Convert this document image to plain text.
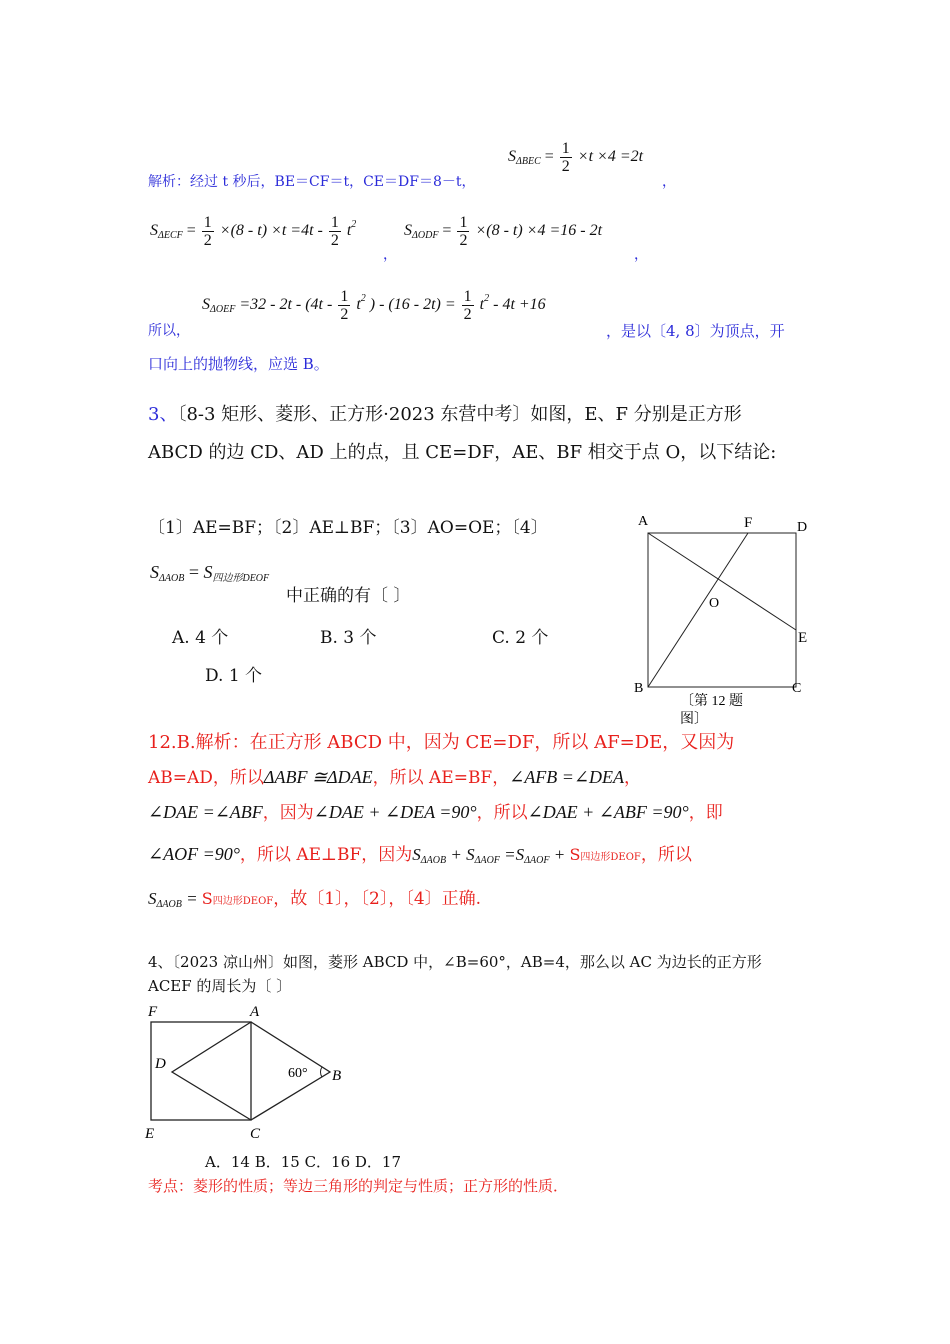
解析：经过 t 秒后，BE＝CF＝t，CE＝DF＝8－t，
$S_{\Delta BEC} = \frac{1}{2} \times t \times 4 =2t$
，
$S_{\Delta ECF} = \frac{1}{2} \times(8 - t) \times t =4t - \frac{1}{2} t^2$
，
$S_{\Delta ODF} = \frac{1}{2} \times(8 - t) \times 4 =16 - 2t$
，
所以，
$S_{\Delta OEF} =32 - 2t - (4t - \frac{1}{2} t^2$ ) - $(16 - 2t) = \frac{1}{2} t^2 - 4t +16$
，是以〔4, 8〕为顶点，开
口向上的抛物线，应选 B。
3、〔8-3 矩形、菱形、正方形·2023 东营中考〕如图，E、F 分别是正方形
ABCD 的边 CD、AD 上的点，且 CE=DF，AE、BF 相交于点 O，以下结论:
〔1〕AE=BF；〔2〕AE⊥BF；〔3〕AO=OE；〔4〕
$S_{\Delta AOB} = S_{四边形DEOF}$
中正确的有〔 〕
A. 4 个	B. 3 个	C. 2 个
D. 1 个
A	F	D
O
E
B	C
〔第 12 题
图〕
12.B.解析：在正方形 ABCD 中，因为 CE=DF，所以 AF=DE，又因为
AB=AD，所以ΔABF ≅ΔDAE，所以 AE=BF，∠AFB =∠DEA，
∠DAE =∠ABF，因为∠DAE + ∠DEA =90°，所以∠DAE + ∠ABF =90°，即
∠AOF =90°，所以 AE⊥BF，因为$S_{\Delta AOB} + S_{\Delta AOF} =S_{\Delta AOF} + S$四边形DEOF，所以
$S_{\Delta AOB} = S$四边形DEOF，故〔1〕，〔2〕，〔4〕正确.
4、〔2023 凉山州〕如图，菱形 ABCD 中，∠B=60°，AB=4，那么以 AC 为边长的正方形
ACEF 的周长为〔 〕
F	A
D
B
E	C
60°
A．14 B．15 C．16 D．17
考点：菱形的性质；等边三角形的判定与性质；正方形的性质．
